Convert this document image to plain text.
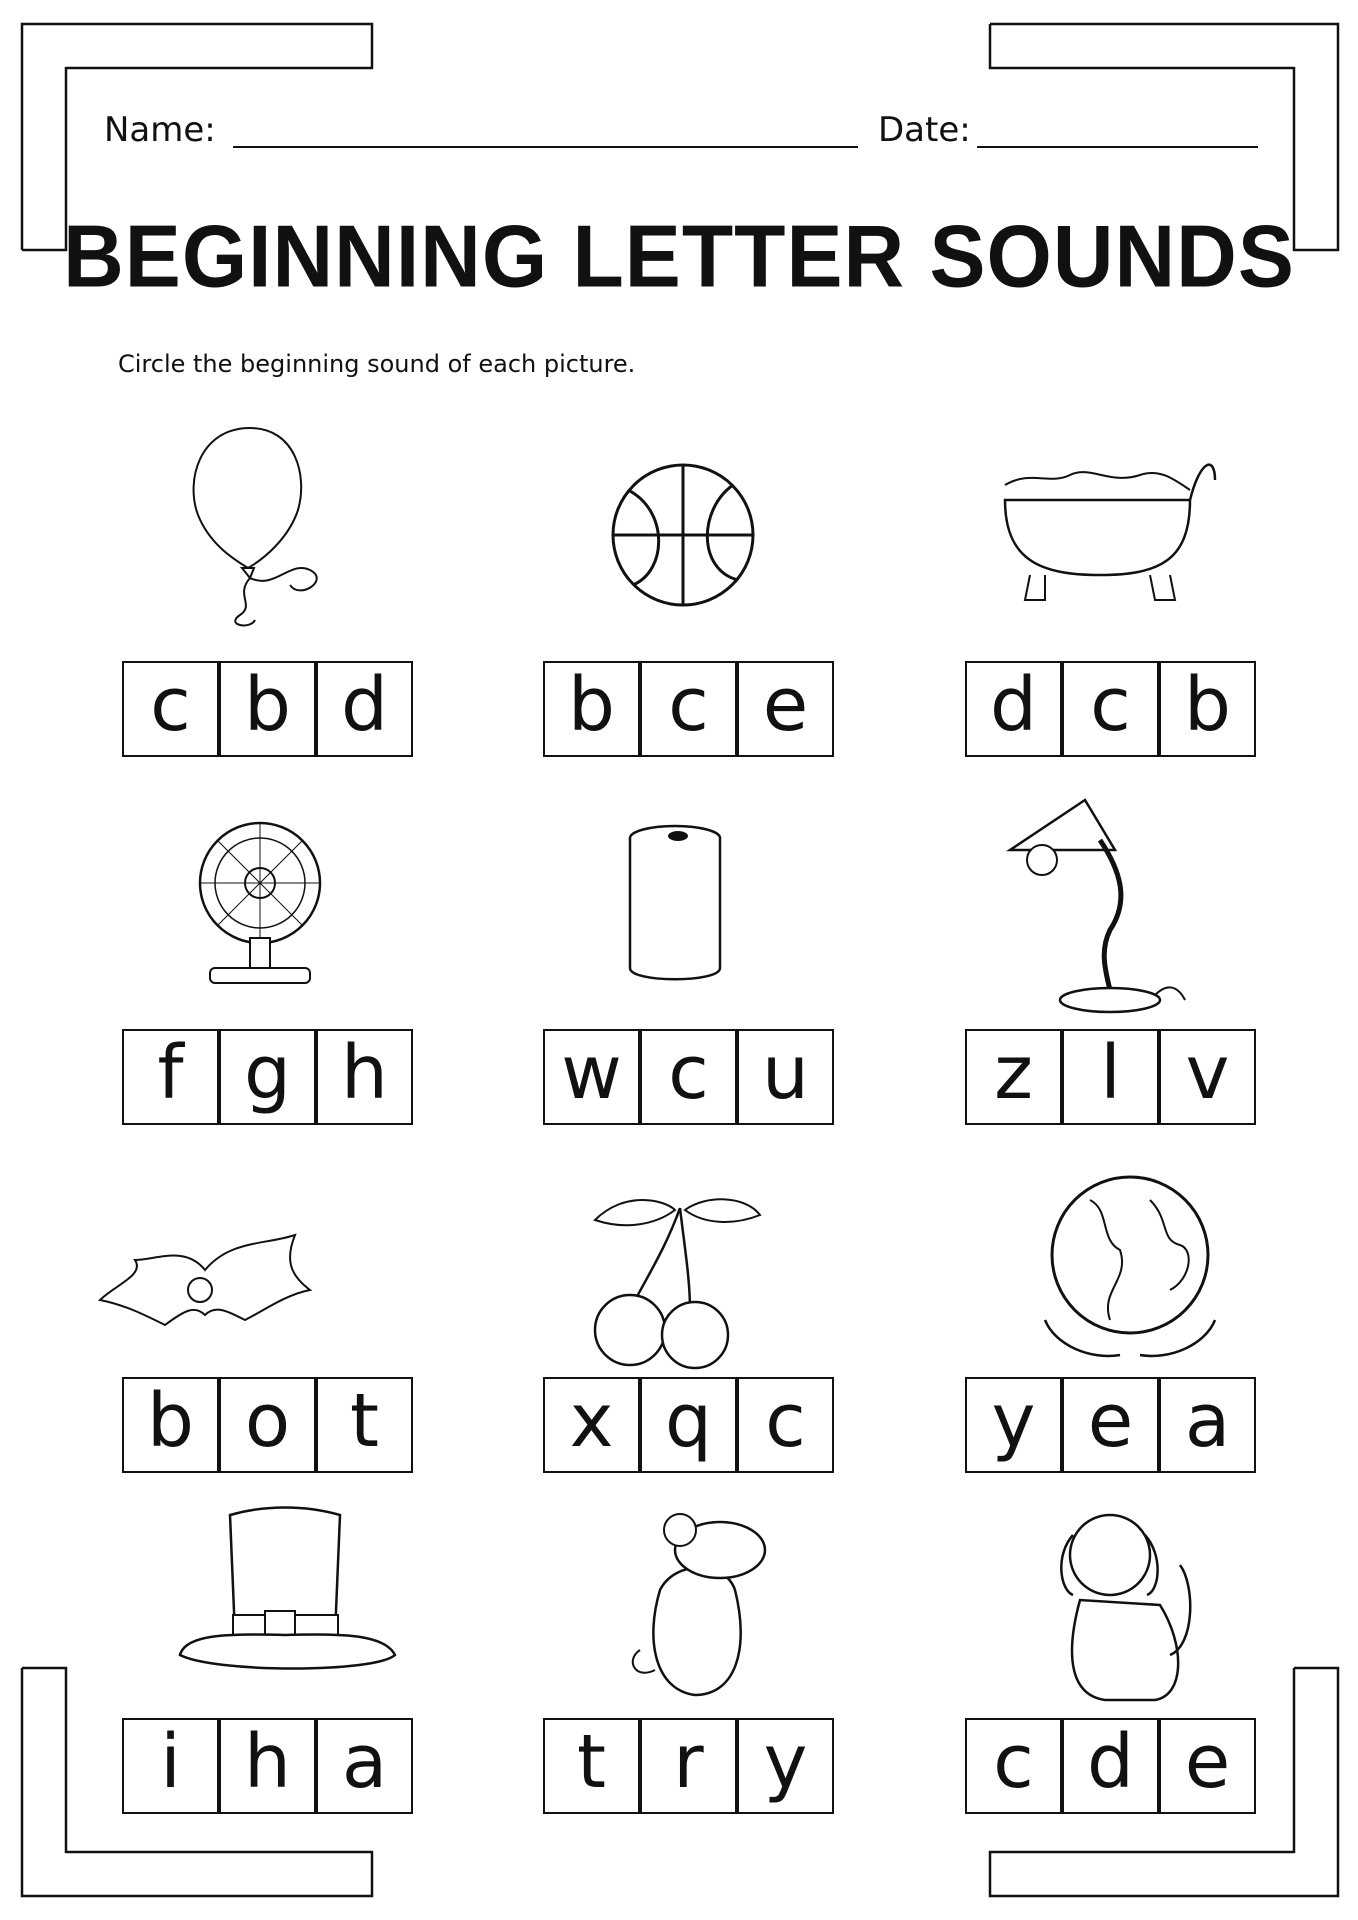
Name:	Date:
BEGINNING LETTER SOUNDS
Circle the beginning sound of each picture.
c b d	b c e	d c b
f g h	w c u	z l v
b o t	x q c	y e a
i h a	t r y	c d e
